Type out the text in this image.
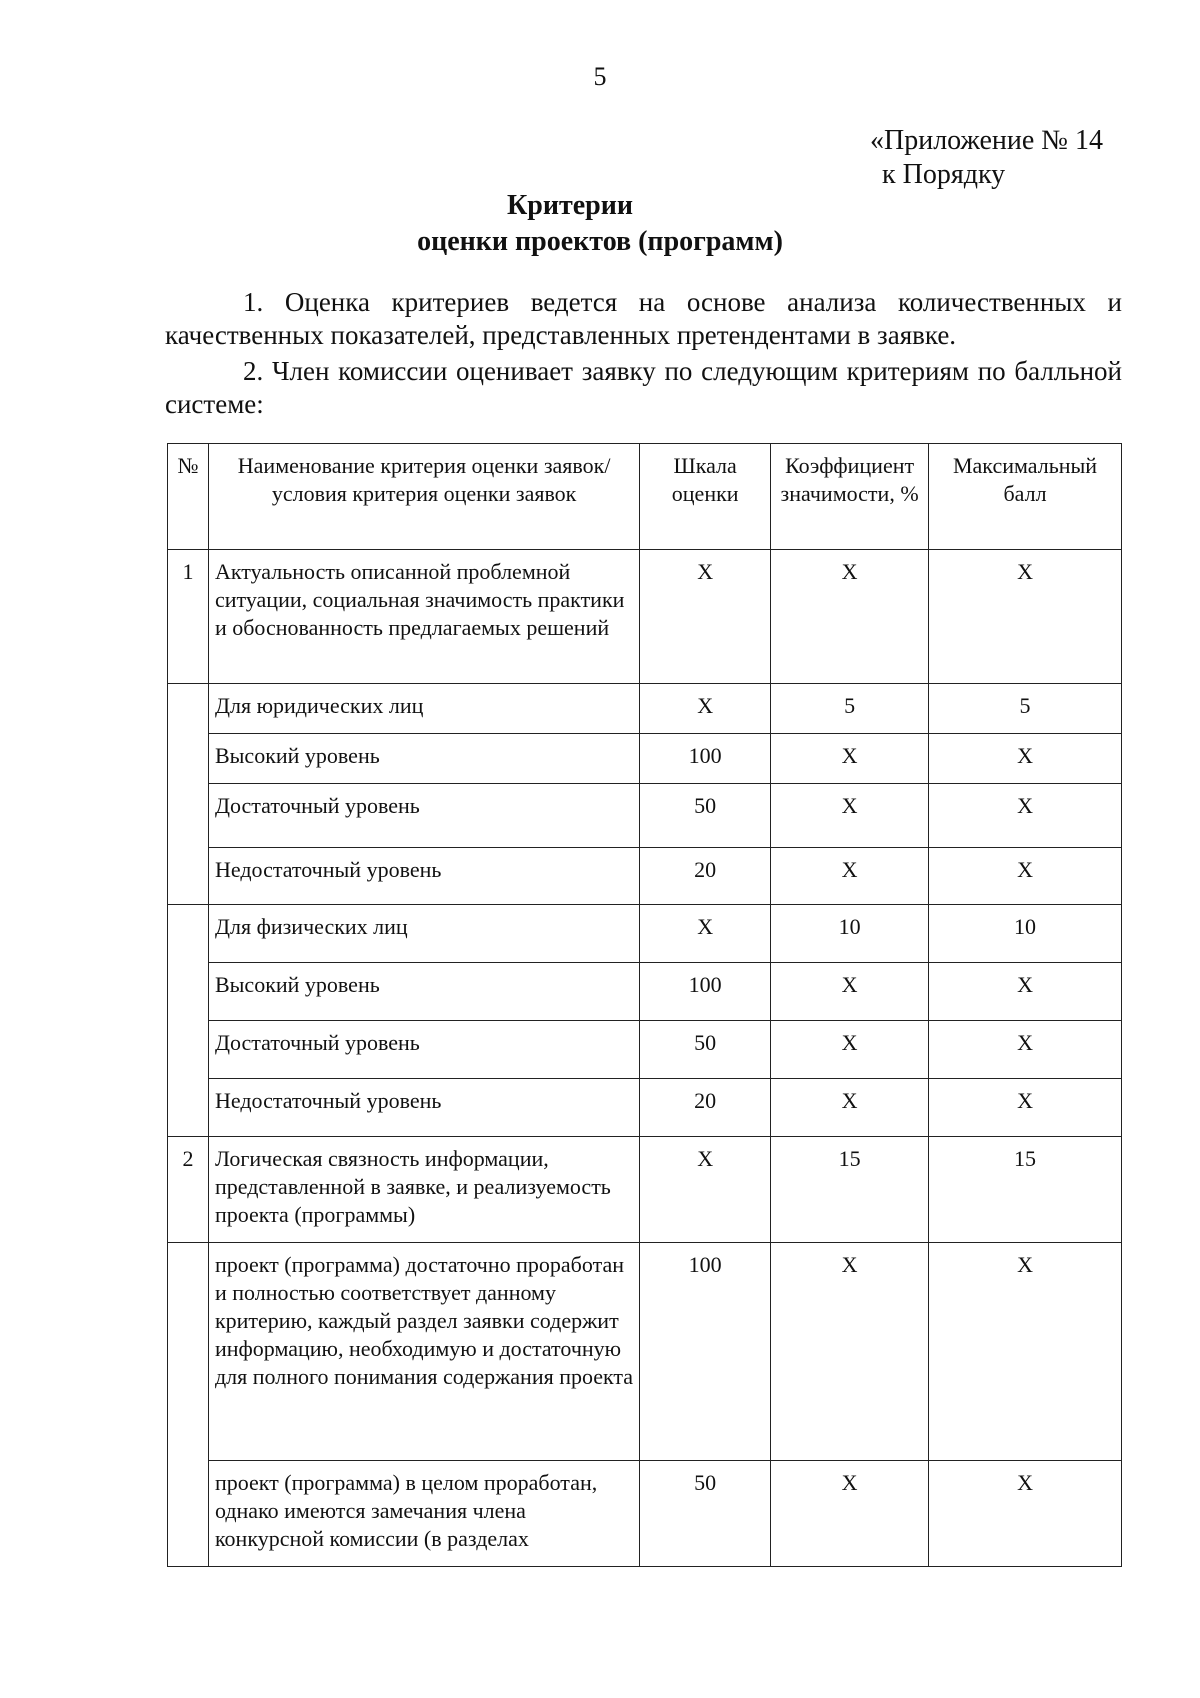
5
«Приложение № 14
к Порядку
Критерии
оценки проектов (программ)

1. Оценка критериев ведется на основе анализа количественных и качественных показателей, представленных претендентами в заявке.

2. Член комиссии оценивает заявку по следующим критериям по балльной системе:

№	Наименование критерия оценки заявок/условия критерия оценки заявок	Шкала оценки	Коэффициент значимости, %	Максимальный балл
1	Актуальность описанной проблемной ситуации, социальная значимость практики и обоснованность предлагаемых решений	X	X	X
	Для юридических лиц	X	5	5
	Высокий уровень	100	X	X
	Достаточный уровень	50	X	X
	Недостаточный уровень	20	X	X
	Для физических лиц	X	10	10
	Высокий уровень	100	X	X
	Достаточный уровень	50	X	X
	Недостаточный уровень	20	X	X
2	Логическая связность информации, представленной в заявке, и реализуемость проекта (программы)	X	15	15
	проект (программа) достаточно проработан и полностью соответствует данному критерию, каждый раздел заявки содержит информацию, необходимую и достаточную для полного понимания содержания проекта	100	X	X
	проект (программа) в целом проработан, однако имеются замечания члена конкурсной комиссии (в разделах	50	X	X
